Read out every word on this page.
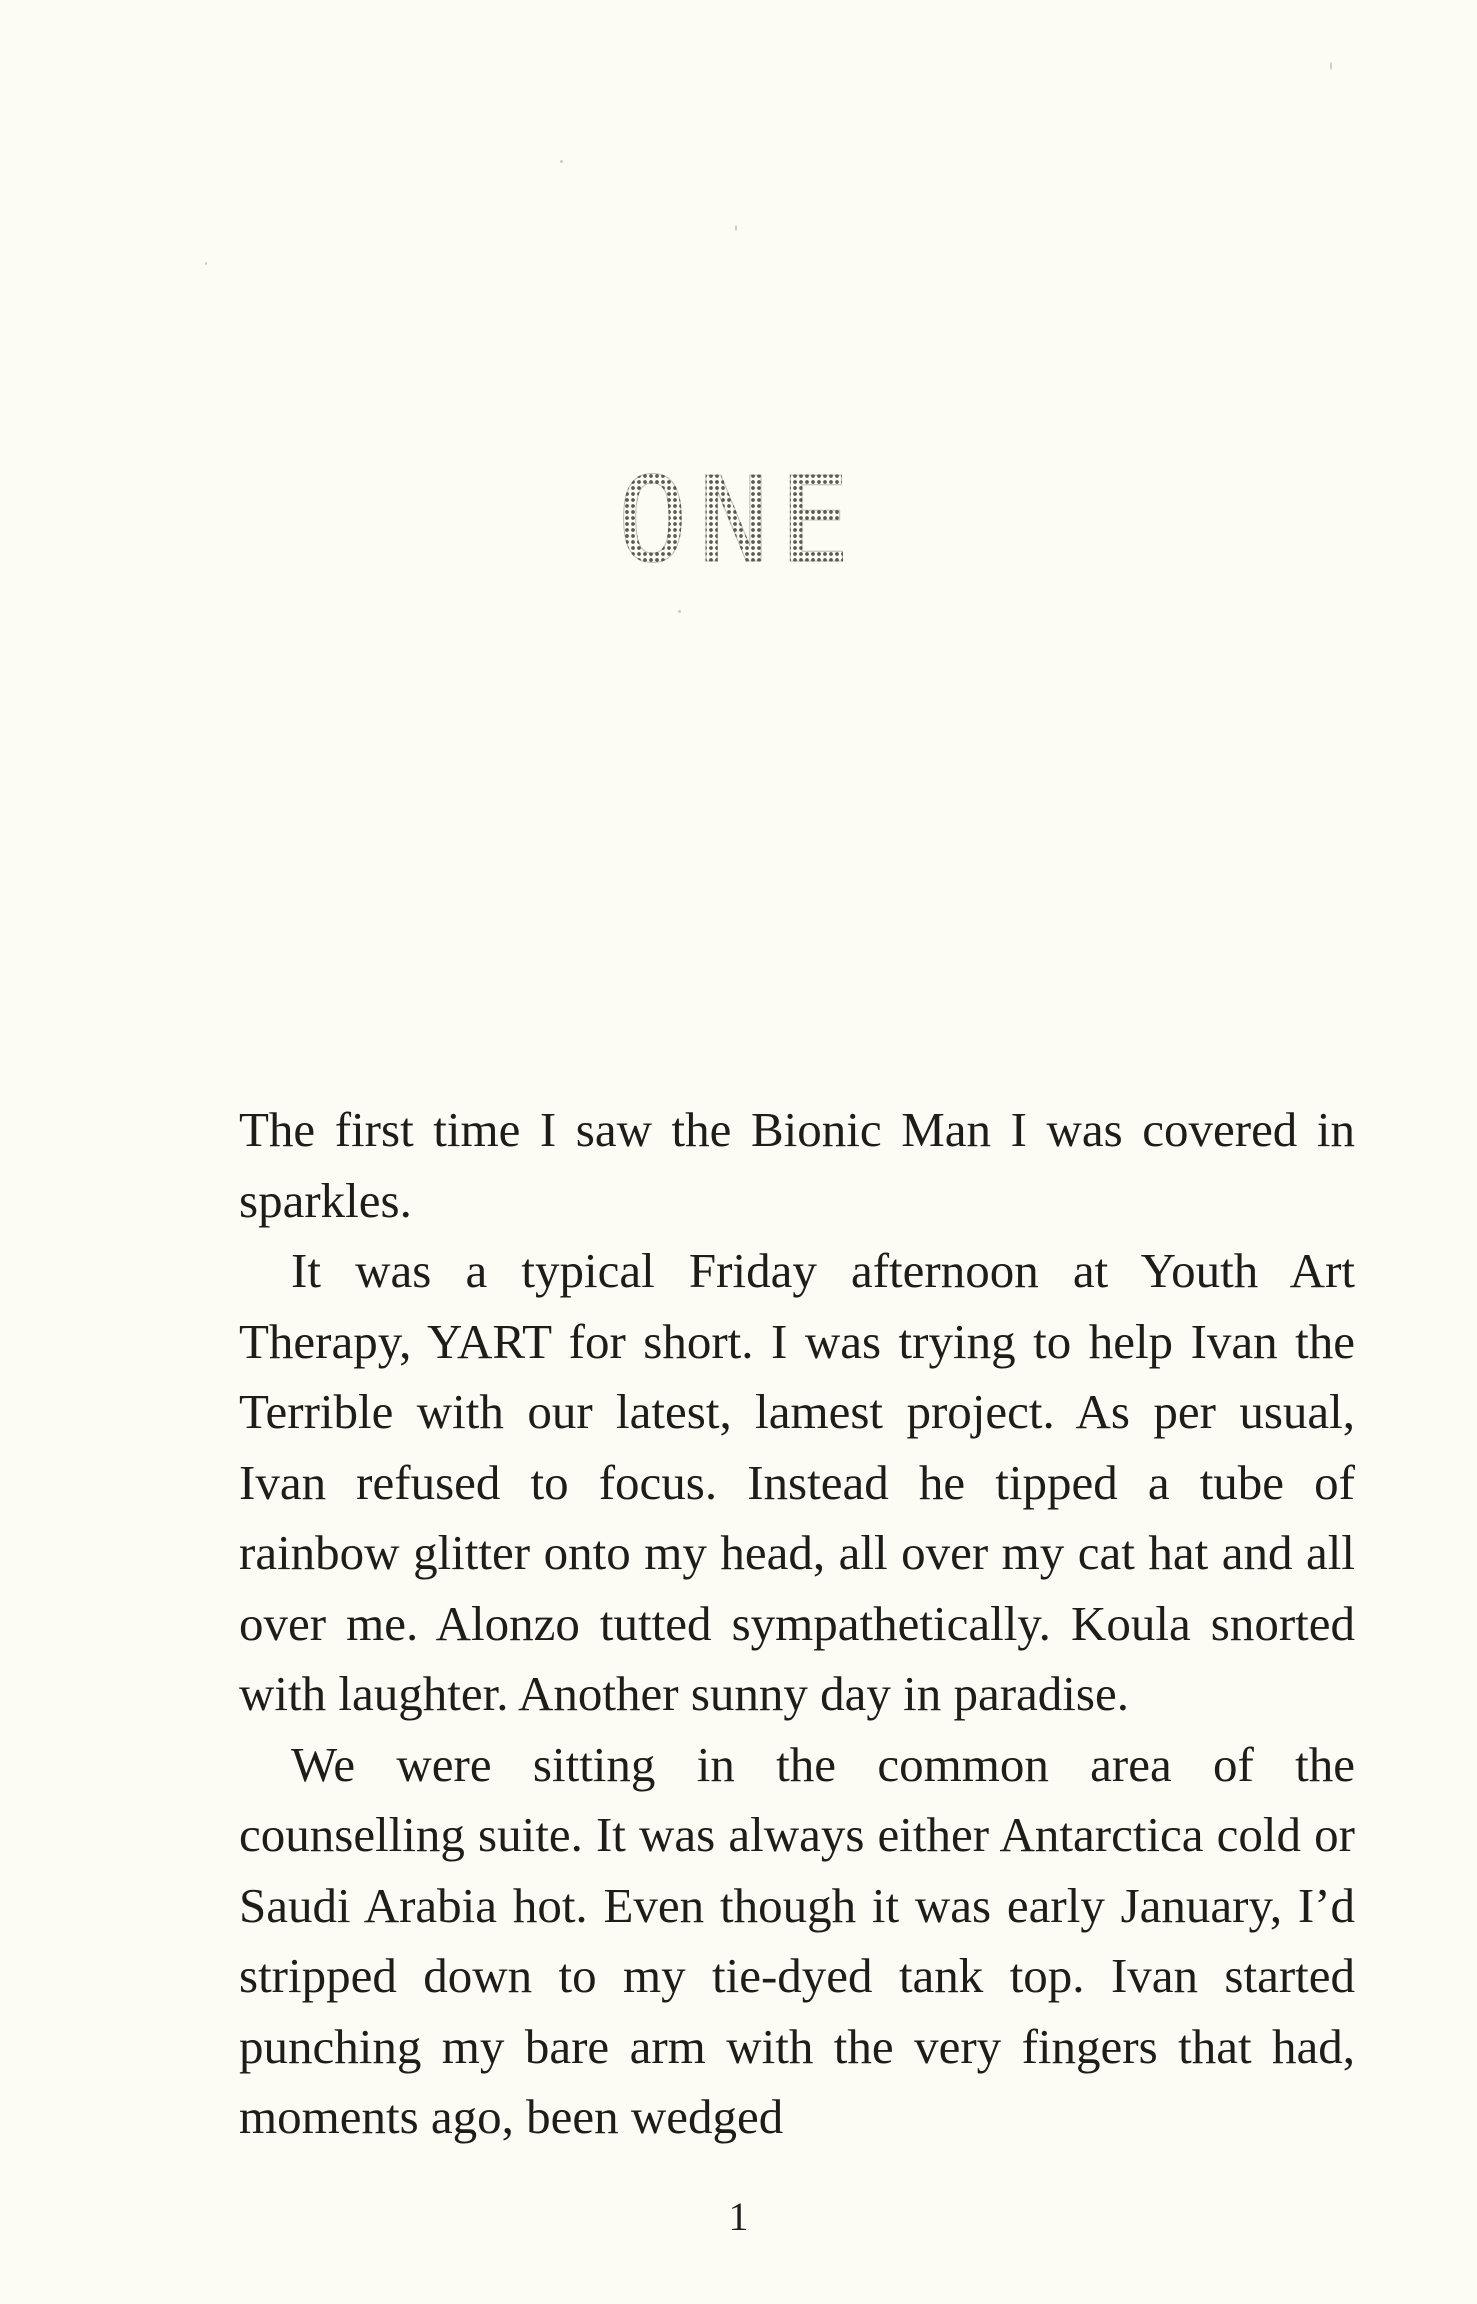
ONE

The first time I saw the Bionic Man I was covered in sparkles.

It was a typical Friday afternoon at Youth Art Therapy, YART for short. I was trying to help Ivan the Terrible with our latest, lamest project. As per usual, Ivan refused to focus. Instead he tipped a tube of rainbow glitter onto my head, all over my cat hat and all over me. Alonzo tutted sympathetically. Koula snorted with laughter. Another sunny day in paradise.

We were sitting in the common area of the counselling suite. It was always either Antarctica cold or Saudi Arabia hot. Even though it was early January, I’d stripped down to my tie-dyed tank top. Ivan started punching my bare arm with the very fingers that had, moments ago, been wedged

1
